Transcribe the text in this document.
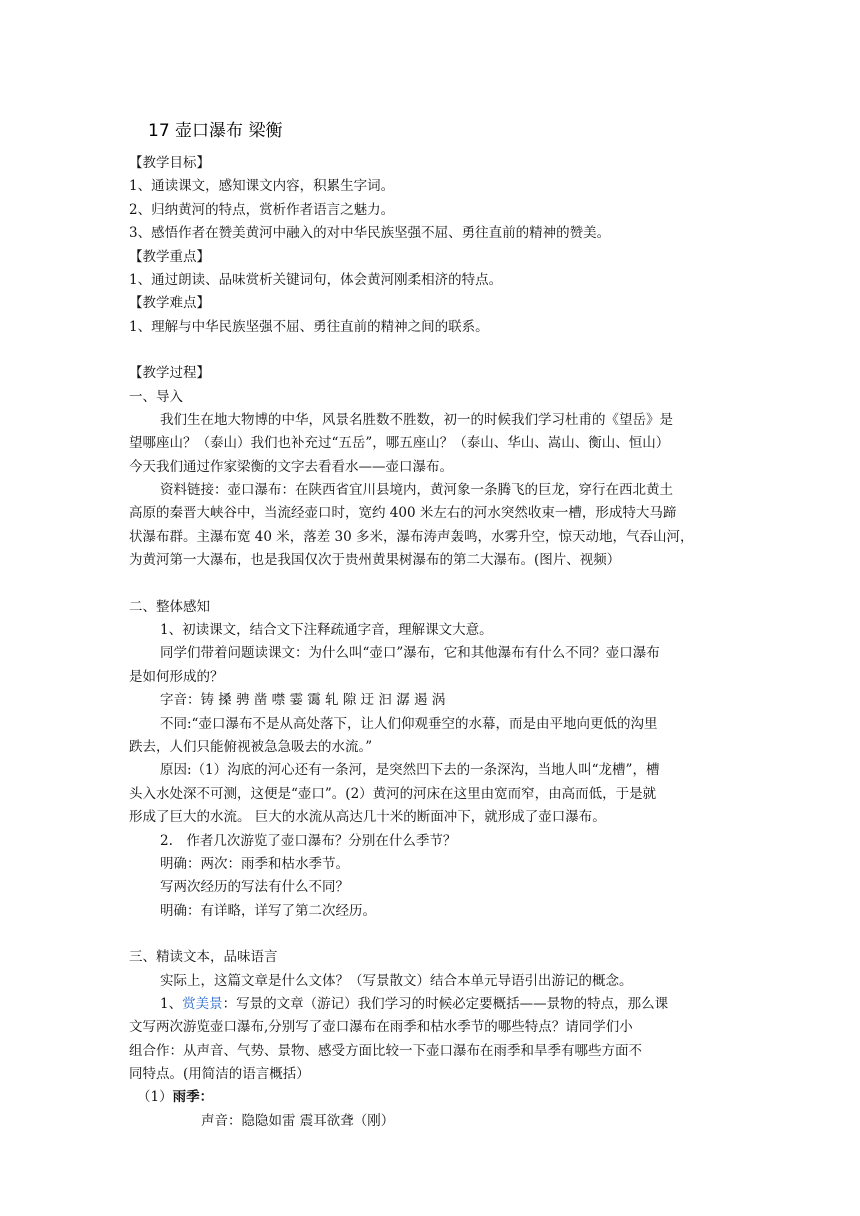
17 壶口瀑布 梁衡
【教学目标】
1、通读课文，感知课文内容，积累生字词。
2、归纳黄河的特点，赏析作者语言之魅力。
3、感悟作者在赞美黄河中融入的对中华民族坚强不屈、勇往直前的精神的赞美。
【教学重点】
1、通过朗读、品味赏析关键词句，体会黄河刚柔相济的特点。
【教学难点】
1、理解与中华民族坚强不屈、勇往直前的精神之间的联系。
【教学过程】
一、导入
我们生在地大物博的中华，风景名胜数不胜数，初一的时候我们学习杜甫的《望岳》是
望哪座山？（泰山）我们也补充过“五岳”，哪五座山？（泰山、华山、嵩山、衡山、恒山）
今天我们通过作家梁衡的文字去看看水——壶口瀑布。
资料链接：壶口瀑布：在陕西省宜川县境内，黄河象一条腾飞的巨龙，穿行在西北黄土
高原的秦晋大峡谷中，当流经壶口时，宽约 400 米左右的河水突然收束一槽，形成特大马蹄
状瀑布群。主瀑布宽 40 米，落差 30 多米，瀑布涛声轰鸣，水雾升空，惊天动地，气吞山河，
为黄河第一大瀑布，也是我国仅次于贵州黄果树瀑布的第二大瀑布。(图片、视频）
二、整体感知
1、初读课文，结合文下注释疏通字音，理解课文大意。
同学们带着问题读课文：为什么叫“壶口”瀑布，它和其他瀑布有什么不同？壶口瀑布
是如何形成的？
字音：铸 搡 骋 凿 噤 霎 霭 轧 隙 迂 汩 潺 遏 涡
不同:“壶口瀑布不是从高处落下，让人们仰观垂空的水幕，而是由平地向更低的沟里
跌去，人们只能俯视被急急吸去的水流。”
原因:（1）沟底的河心还有一条河，是突然凹下去的一条深沟，当地人叫“龙槽”，槽
头入水处深不可测，这便是“壶口”。(2）黄河的河床在这里由宽而窄，由高而低，于是就
形成了巨大的水流。 巨大的水流从高达几十米的断面冲下，就形成了壶口瀑布。
2.　作者几次游览了壶口瀑布？分别在什么季节？
明确：两次：雨季和枯水季节。
写两次经历的写法有什么不同？
明确：有详略，详写了第二次经历。
三、精读文本，品味语言
实际上，这篇文章是什么文体？（写景散文）结合本单元导语引出游记的概念。
1、赏美景：写景的文章（游记）我们学习的时候必定要概括——景物的特点，那么课
文写两次游览壶口瀑布,分别写了壶口瀑布在雨季和枯水季节的哪些特点？请同学们小
组合作：从声音、气势、景物、感受方面比较一下壶口瀑布在雨季和旱季有哪些方面不
同特点。(用简洁的语言概括）
（1）雨季：
声音：隐隐如雷 震耳欲聋（刚）
